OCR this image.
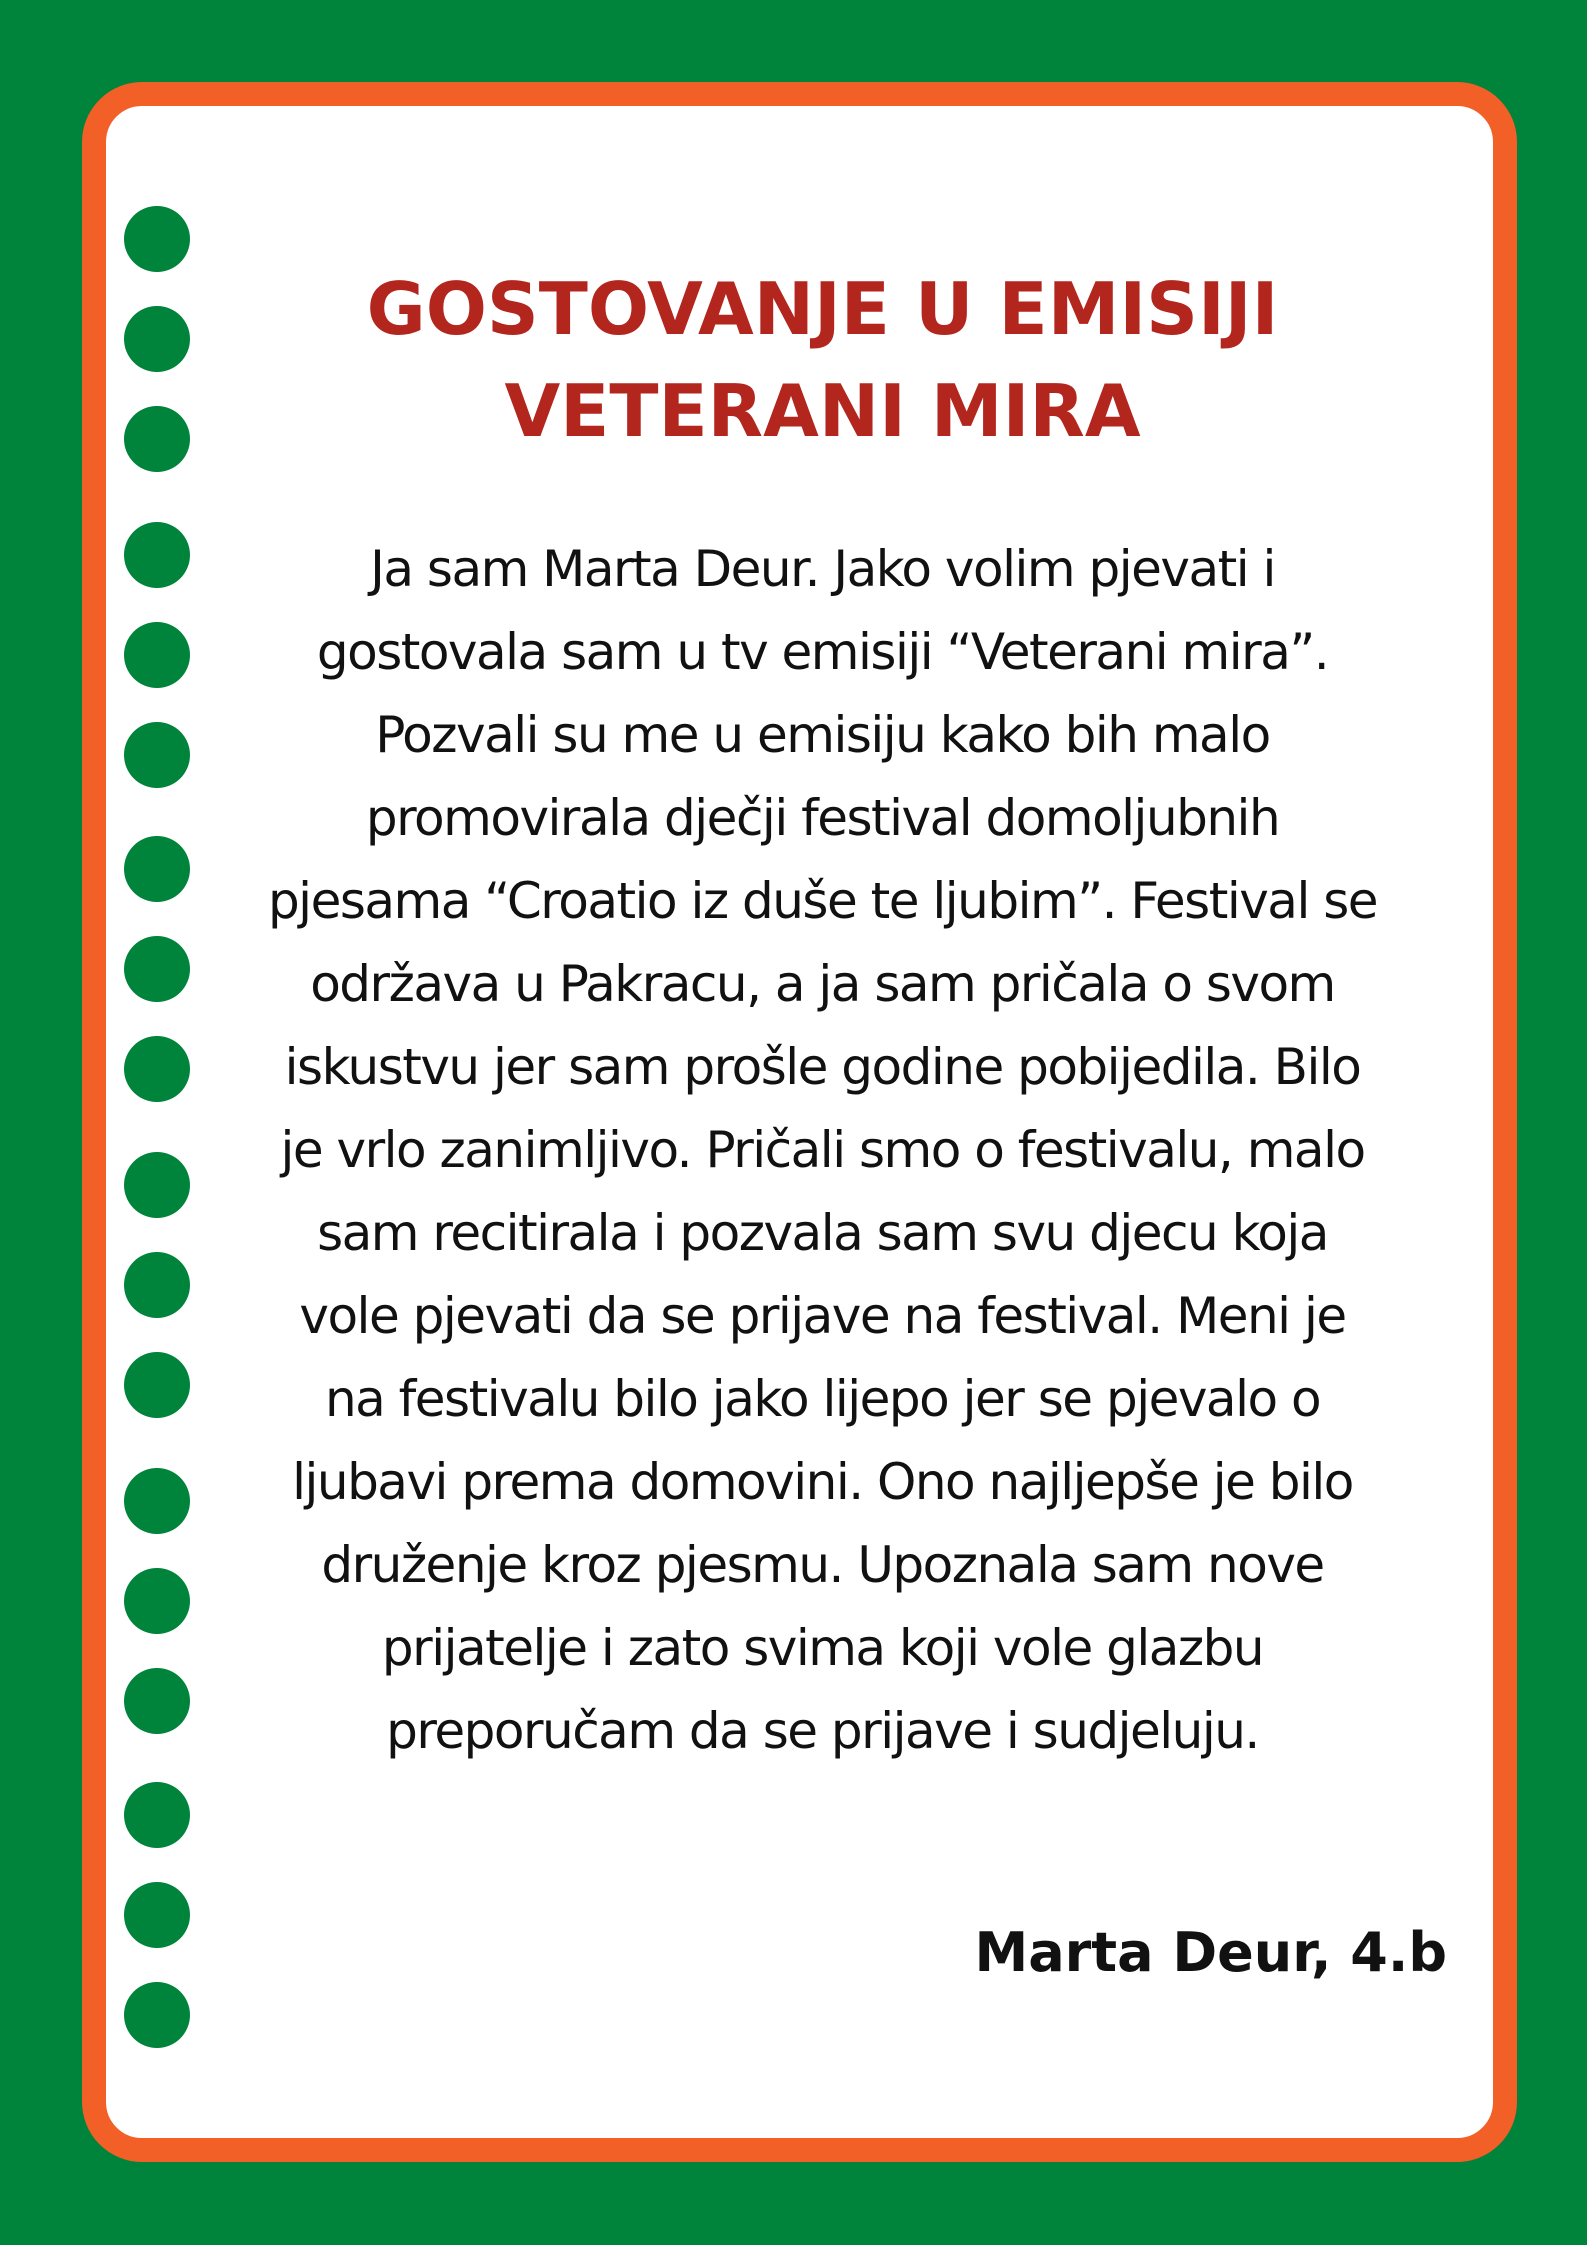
GOSTOVANJE U EMISIJI
VETERANI MIRA
Ja sam Marta Deur. Jako volim pjevati i
gostovala sam u tv emisiji “Veterani mira”.
Pozvali su me u emisiju kako bih malo
promovirala dječji festival domoljubnih
pjesama “Croatio iz duše te ljubim”. Festival se
održava u Pakracu, a ja sam pričala o svom
iskustvu jer sam prošle godine pobijedila. Bilo
je vrlo zanimljivo. Pričali smo o festivalu, malo
sam recitirala i pozvala sam svu djecu koja
vole pjevati da se prijave na festival. Meni je
na festivalu bilo jako lijepo jer se pjevalo o
ljubavi prema domovini. Ono najljepše je bilo
druženje kroz pjesmu. Upoznala sam nove
prijatelje i zato svima koji vole glazbu
preporučam da se prijave i sudjeluju.

Marta Deur, 4.b
